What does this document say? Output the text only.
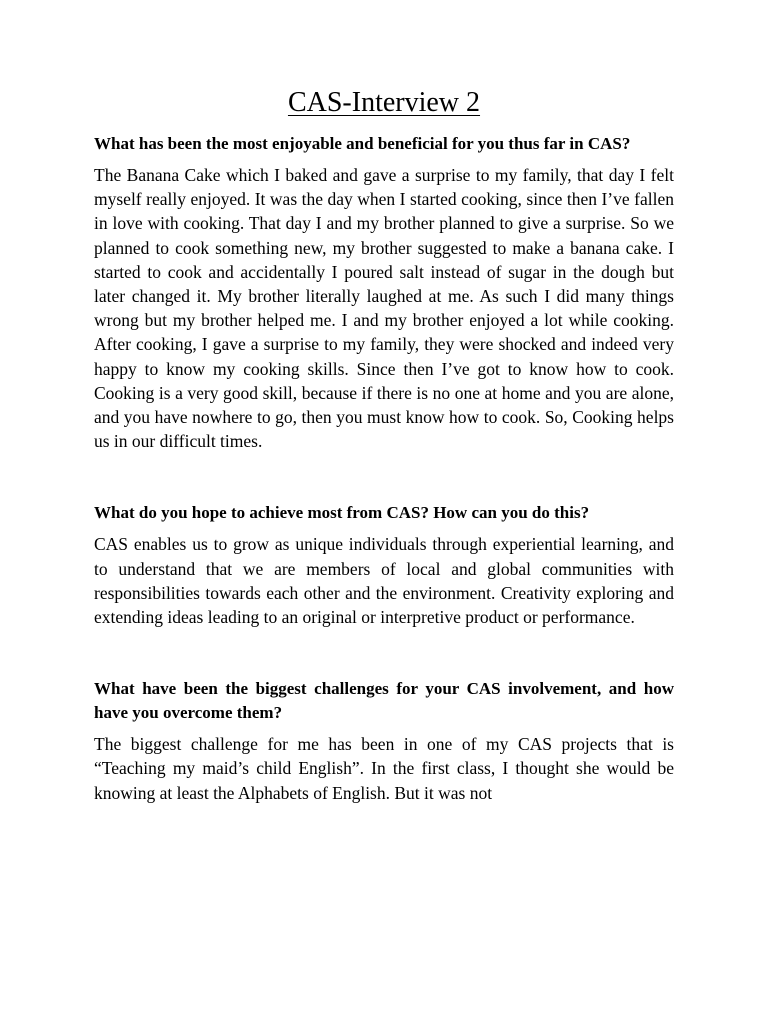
CAS-Interview 2

What has been the most enjoyable and beneficial for you thus far in CAS?

The Banana Cake which I baked and gave a surprise to my family, that day I felt myself really enjoyed. It was the day when I started cooking, since then I’ve fallen in love with cooking. That day I and my brother planned to give a surprise. So we planned to cook something new, my brother suggested to make a banana cake. I started to cook and accidentally I poured salt instead of sugar in the dough but later changed it. My brother literally laughed at me. As such I did many things wrong but my brother helped me. I and my brother enjoyed a lot while cooking. After cooking, I gave a surprise to my family, they were shocked and indeed very happy to know my cooking skills. Since then I’ve got to know how to cook. Cooking is a very good skill, because if there is no one at home and you are alone, and you have nowhere to go, then you must know how to cook. So, Cooking helps us in our difficult times.

What do you hope to achieve most from CAS? How can you do this?

CAS enables us to grow as unique individuals through experiential learning, and to understand that we are members of local and global communities with responsibilities towards each other and the environment. Creativity exploring and extending ideas leading to an original or interpretive product or performance.

What have been the biggest challenges for your CAS involvement, and how have you overcome them?

The biggest challenge for me has been in one of my CAS projects that is “Teaching my maid’s child English”. In the first class, I thought she would be knowing at least the Alphabets of English. But it was not
